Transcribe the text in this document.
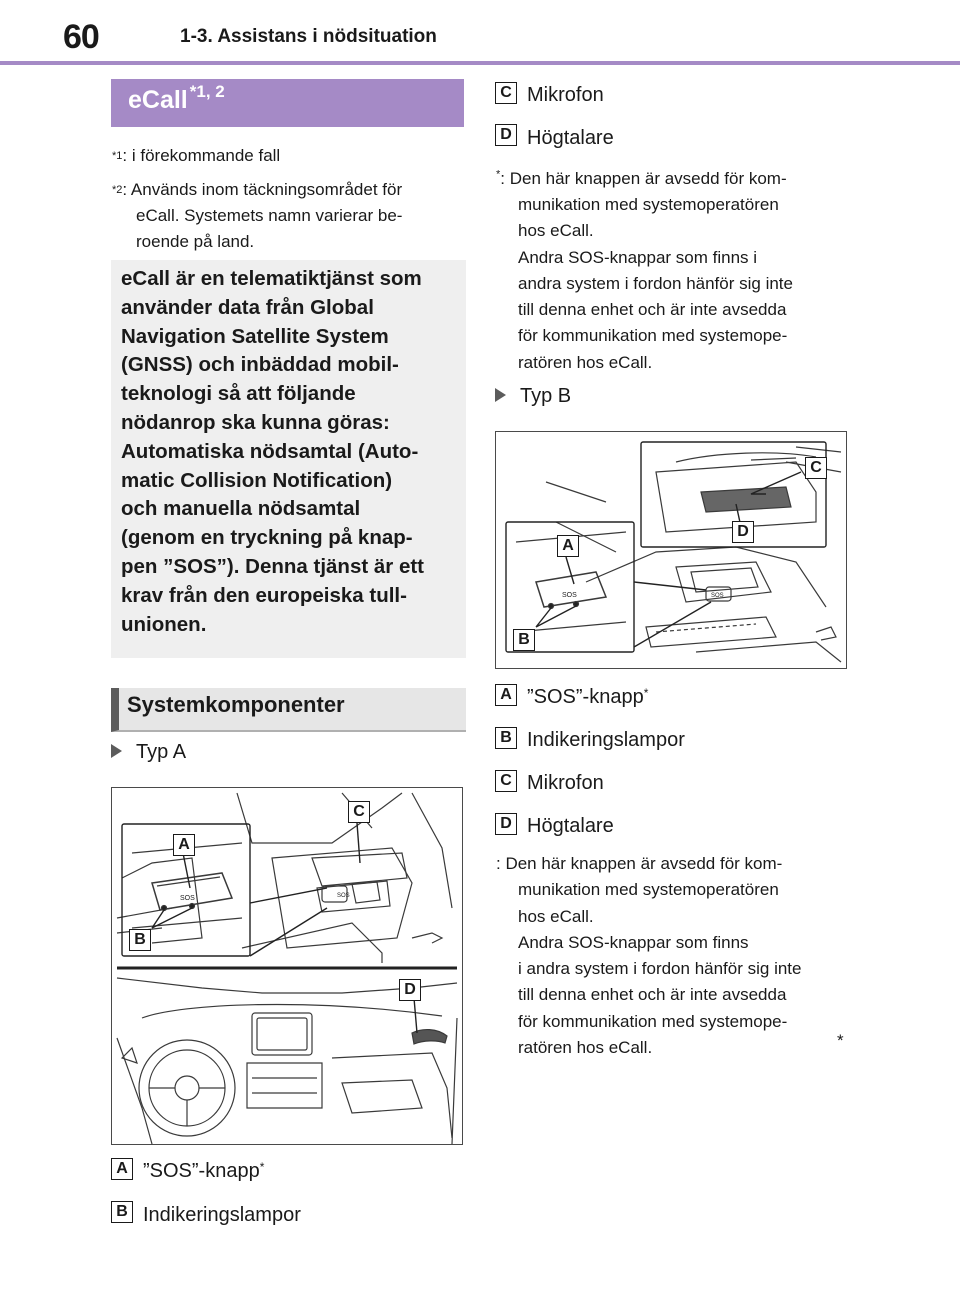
60	1-3. Assistans i nödsituation
eCall $^{*1, 2}$
$^{*1}$: i förekommande fall
$^{*2}$: Används inom täckningsområdet för
eCall. Systemets namn varierar be-
roende på land.
eCall är en telematiktjänst som
använder data från Global
Navigation Satellite System
(GNSS) och inbäddad mobil-
teknologi så att följande
nödanrop ska kunna göras:
Automatiska nödsamtal (Auto-
matic Collision Notification)
och manuella nödsamtal
(genom en tryckning på knap-
pen ”SOS”). Denna tjänst är ett
krav från den europeiska tull-
unionen.
Systemkomponenter
Typ A
SOS	SOS
A
B
C
D
A ”SOS”-knapp*
B Indikeringslampor
C Mikrofon
D Högtalare
*: Den här knappen är avsedd för kom-
munikation med systemoperatören
hos eCall.
Andra SOS-knappar som finns i
andra system i fordon hänför sig inte
till denna enhet och är inte avsedda
för kommunikation med systemope-
ratören hos eCall.
Typ B
SOS	SOS
A
B
C
D
A ”SOS”-knapp*
B Indikeringslampor
C Mikrofon
D Högtalare
: Den här knappen är avsedd för kom-
munikation med systemoperatören
hos eCall.
Andra SOS-knappar som finns
i andra system i fordon hänför sig inte
till denna enhet och är inte avsedda
för kommunikation med systemope-
ratören hos eCall.	*
